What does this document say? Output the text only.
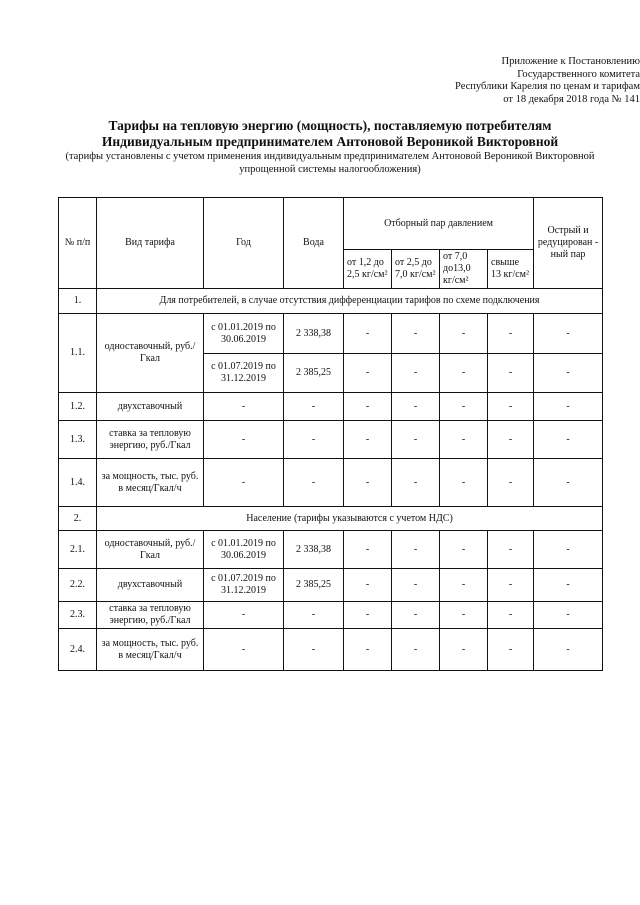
Приложение к Постановлению
Государственного комитета
Республики Карелия по ценам и тарифам
от 18 декабря 2018 года № 141
Тарифы на тепловую энергию (мощность), поставляемую потребителям
Индивидуальным предпринимателем Антоновой Вероникой Викторовной
(тарифы установлены с учетом применения индивидуальным предпринимателем Антоновой Вероникой Викторовной
упрощенной системы налогообложения)
№ п/п	Вид тарифа	Год	Вода	Отборный пар давлением				Острый и редуцирован - ный пар
				от 1,2 до 2,5 кг/см²	от 2,5 до 7,0 кг/см²	от 7,0 до13,0 кг/см²	свыше 13 кг/см²	
1.	Для потребителей, в случае отсутствия дифференциации тарифов по схеме подключения							
1.1.	одноставочный, руб./Гкал	с 01.01.2019 по 30.06.2019	2 338,38	-	-	-	-	-
		с 01.07.2019 по 31.12.2019	2 385,25	-	-	-	-	-
1.2.	двухставочный	-	-	-	-	-	-	-
1.3.	ставка за тепловую энергию, руб./Гкал	-	-	-	-	-	-	-
1.4.	за мощность, тыс. руб. в месяц/Гкал/ч	-	-	-	-	-	-	-
2.	Население (тарифы указываются с учетом НДС)							
2.1.	одноставочный, руб./Гкал	с 01.01.2019 по 30.06.2019	2 338,38	-	-	-	-	-
2.2.	двухставочный	с 01.07.2019 по 31.12.2019	2 385,25	-	-	-	-	-
2.3.	ставка за тепловую энергию, руб./Гкал	-	-	-	-	-	-	-
2.4.	за мощность, тыс. руб. в месяц/Гкал/ч	-	-	-	-	-	-	-
